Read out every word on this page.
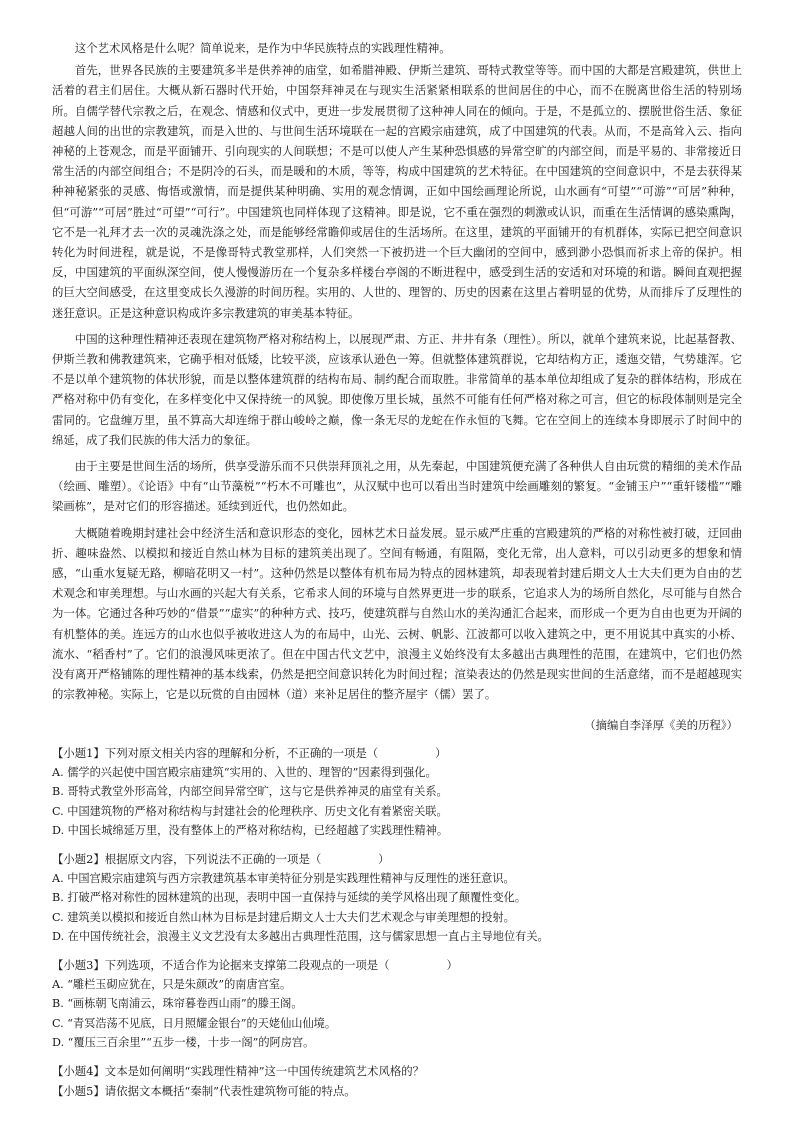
这个艺术风格是什么呢？简单说来，是作为中华民族特点的实践理性精神。

首先，世界各民族的主要建筑多半是供养神的庙堂，如希腊神殿、伊斯兰建筑、哥特式教堂等等。而中国的大都是宫殿建筑，供世上活着的君主们居住。大概从新石器时代开始，中国祭拜神灵在与现实生活紧紧相联系的世间居住的中心，而不在脱离世俗生活的特别场所。自儒学替代宗教之后，在观念、情感和仪式中，更进一步发展贯彻了这种神人同在的倾向。于是，不是孤立的、摆脱世俗生活、象征超越人间的出世的宗教建筑，而是入世的、与世间生活环境联在一起的宫殿宗庙建筑，成了中国建筑的代表。从而，不是高耸入云、指向神秘的上苍观念，而是平面铺开、引向现实的人间联想；不是可以使人产生某种恐惧感的异常空旷的内部空间，而是平易的、非常接近日常生活的内部空间组合；不是阴冷的石头，而是暖和的木质，等等，构成中国建筑的艺术特征。在中国建筑的空间意识中，不是去获得某种神秘紧张的灵感、悔悟或激情，而是提供某种明确、实用的观念情调，正如中国绘画理论所说，山水画有“可望”“可游”“可居”种种，但“可游”“可居”胜过“可望”“可行”。中国建筑也同样体现了这精神。即是说，它不重在强烈的刺激或认识，而重在生活情调的感染熏陶，它不是一礼拜才去一次的灵魂洗涤之处，而是能够经常瞻仰或居住的生活场所。在这里，建筑的平面铺开的有机群体，实际已把空间意识转化为时间进程，就是说，不是像哥特式教堂那样，人们突然一下被扔进一个巨大幽闭的空间中，感到渺小恐惧而祈求上帝的保护。相反，中国建筑的平面纵深空间，使人慢慢游历在一个复杂多样楼台亭阁的不断进程中，感受到生活的安适和对环境的和谐。瞬间直观把握的巨大空间感受，在这里变成长久漫游的时间历程。实用的、人世的、理智的、历史的因素在这里占着明显的优势，从而排斥了反理性的迷狂意识。正是这种意识构成许多宗教建筑的审美基本特征。

中国的这种理性精神还表现在建筑物严格对称结构上，以展现严肃、方正、井井有条（理性）。所以，就单个建筑来说，比起基督教、伊斯兰教和佛教建筑来，它确乎相对低矮，比较平淡，应该承认逊色一筹。但就整体建筑群说，它却结构方正，逶迤交错，气势雄浑。它不是以单个建筑物的体状形貌，而是以整体建筑群的结构布局、制约配合而取胜。非常简单的基本单位却组成了复杂的群体结构，形成在严格对称中仍有变化，在多样变化中又保持统一的风貌。即使像万里长城，虽然不可能有任何严格对称之可言，但它的标段体制则是完全雷同的。它盘缠万里，虽不算高大却连绵于群山峻岭之巅，像一条无尽的龙蛇在作永恒的飞舞。它在空间上的连续本身即展示了时间中的绵延，成了我们民族的伟大活力的象征。

由于主要是世间生活的场所，供享受游乐而不只供崇拜顶礼之用，从先秦起，中国建筑便充满了各种供人自由玩赏的精细的美术作品（绘画、雕塑）。《论语》中有“山节藻棁”“朽木不可雕也”，从汉赋中也可以看出当时建筑中绘画雕刻的繁复。“金铺玉户”“重轩镂槛”“雕梁画栋”，是对它们的形容描述。延续到近代，也仍然如此。

大概随着晚期封建社会中经济生活和意识形态的变化，园林艺术日益发展。显示威严庄重的宫殿建筑的严格的对称性被打破，迂回曲折、趣味盎然、以模拟和接近自然山林为目标的建筑美出现了。空间有畅通，有阻隔，变化无常，出人意料，可以引动更多的想象和情感，“山重水复疑无路，柳暗花明又一村”。这种仍然是以整体有机布局为特点的园林建筑，却表现着封建后期文人士大夫们更为自由的艺术观念和审美理想。与山水画的兴起大有关系，它希求人间的环境与自然界更进一步的联系，它追求人为的场所自然化，尽可能与自然合为一体。它通过各种巧妙的“借景”“虚实”的种种方式、技巧，使建筑群与自然山水的美沟通汇合起来，而形成一个更为自由也更为开阔的有机整体的美。连远方的山水也似乎被收进这人为的布局中，山光、云树、帆影、江波都可以收入建筑之中，更不用说其中真实的小桥、流水、“稻香村”了。它们的浪漫风味更浓了。但在中国古代文艺中，浪漫主义始终没有太多越出古典理性的范围，在建筑中，它们也仍然没有离开严格铺陈的理性精神的基本线索，仍然是把空间意识转化为时间过程；渲染表达的仍然是现实世间的生活意绪，而不是超越现实的宗教神秘。实际上，它是以玩赏的自由园林（道）来补足居住的整齐屋宇（儒）罢了。

（摘编自李泽厚《美的历程》）

【小题1】下列对原文相关内容的理解和分析，不正确的一项是（　　　　　）

A. 儒学的兴起使中国宫殿宗庙建筑“实用的、入世的、理智的”因素得到强化。

B. 哥特式教堂外形高耸，内部空间异常空旷，这与它是供养神灵的庙堂有关系。

C. 中国建筑物的严格对称结构与封建社会的伦理秩序、历史文化有着紧密关联。

D. 中国长城绵延万里，没有整体上的严格对称结构，已经超越了实践理性精神。

【小题2】根据原文内容，下列说法不正确的一项是（　　　　　）

A. 中国宫殿宗庙建筑与西方宗教建筑基本审美特征分别是实践理性精神与反理性的迷狂意识。

B. 打破严格对称性的园林建筑的出现，表明中国一直保持与延续的美学风格出现了颠覆性变化。

C. 建筑美以模拟和接近自然山林为目标是封建后期文人士大夫们艺术观念与审美理想的投射。

D. 在中国传统社会，浪漫主义文艺没有太多越出古典理性范围，这与儒家思想一直占主导地位有关。

【小题3】下列选项，不适合作为论据来支撑第二段观点的一项是（　　　　　）

A. “雕栏玉砌应犹在，只是朱颜改”的南唐宫室。

B. “画栋朝飞南浦云，珠帘暮卷西山雨”的滕王阁。

C. “青冥浩荡不见底，日月照耀金银台”的天姥仙山仙境。

D. “覆压三百余里”“五步一楼，十步一阁”的阿房宫。

【小题4】文本是如何阐明“实践理性精神”这一中国传统建筑艺术风格的？

【小题5】请依据文本概括“秦制”代表性建筑物可能的特点。
